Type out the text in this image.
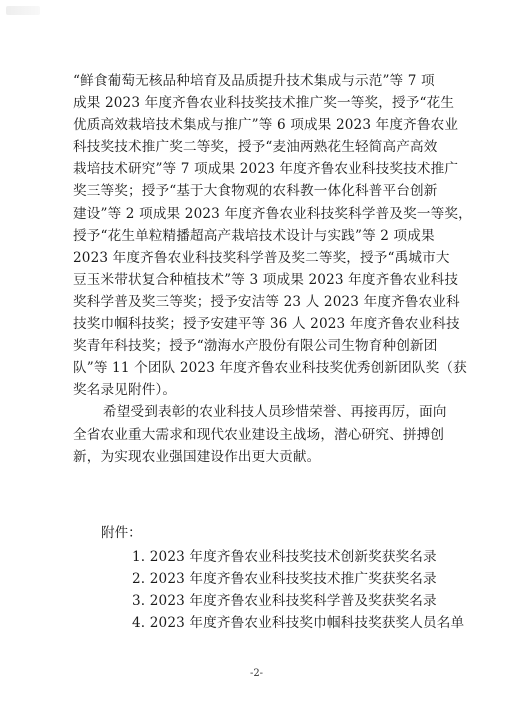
“鲜食葡萄无核品种培育及品质提升技术集成与示范”等 7 项
成果 2023 年度齐鲁农业科技奖技术推广奖一等奖，授予“花生
优质高效栽培技术集成与推广”等 6 项成果 2023 年度齐鲁农业
科技奖技术推广奖二等奖，授予“麦油两熟花生轻简高产高效
栽培技术研究”等 7 项成果 2023 年度齐鲁农业科技奖技术推广
奖三等奖；授予“基于大食物观的农科教一体化科普平台创新
建设”等 2 项成果 2023 年度齐鲁农业科技奖科学普及奖一等奖，
授予“花生单粒精播超高产栽培技术设计与实践”等 2 项成果
2023 年度齐鲁农业科技奖科学普及奖二等奖，授予“禹城市大
豆玉米带状复合种植技术”等 3 项成果 2023 年度齐鲁农业科技
奖科学普及奖三等奖；授予安洁等 23 人 2023 年度齐鲁农业科
技奖巾帼科技奖；授予安建平等 36 人 2023 年度齐鲁农业科技
奖青年科技奖；授予“渤海水产股份有限公司生物育种创新团
队”等 11 个团队 2023 年度齐鲁农业科技奖优秀创新团队奖（获
奖名录见附件）。
希望受到表彰的农业科技人员珍惜荣誉、再接再厉，面向
全省农业重大需求和现代农业建设主战场，潜心研究、拼搏创
新，为实现农业强国建设作出更大贡献。
附件：
1. 2023 年度齐鲁农业科技奖技术创新奖获奖名录
2. 2023 年度齐鲁农业科技奖技术推广奖获奖名录
3. 2023 年度齐鲁农业科技奖科学普及奖获奖名录
4. 2023 年度齐鲁农业科技奖巾帼科技奖获奖人员名单
-2-
